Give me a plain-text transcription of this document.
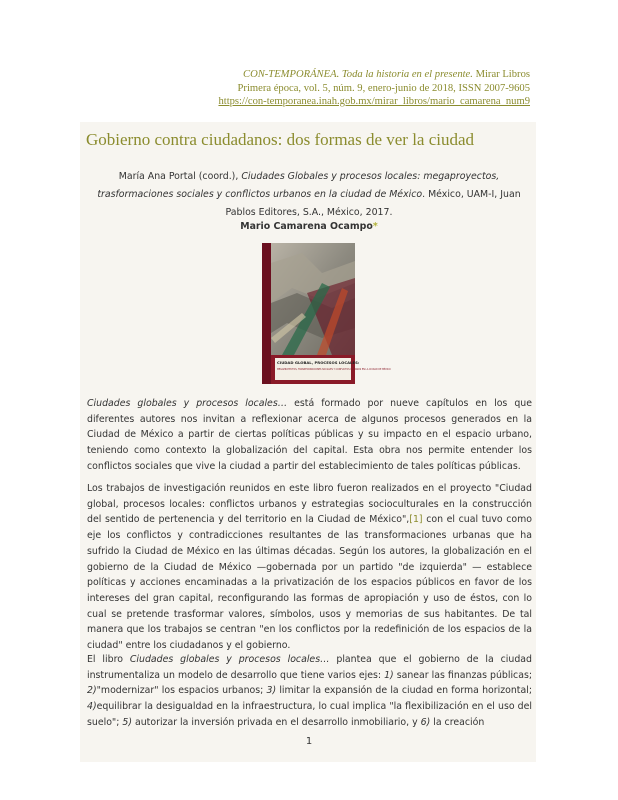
CON-TEMPORÁNEA. Toda la historia en el presente. Mirar Libros
Primera época, vol. 5, núm. 9, enero-junio de 2018, ISSN 2007-9605
https://con-temporanea.inah.gob.mx/mirar_libros/mario_camarena_num9
Gobierno contra ciudadanos: dos formas de ver la ciudad
María Ana Portal (coord.), Ciudades Globales y procesos locales: megaproyectos, trasformaciones sociales y conflictos urbanos en la ciudad de México. México, UAM-I, Juan Pablos Editores, S.A., México, 2017.
Mario Camarena Ocampo*
CIUDAD GLOBAL, PROCESOS LOCALES:
MEGAPROYECTOS, TRANSFORMACIONES SOCIALES Y CONFLICTOS URBANOS EN LA CIUDAD DE MÉXICO

Ciudades globales y procesos locales… está formado por nueve capítulos en los que diferentes autores nos invitan a reflexionar acerca de algunos procesos generados en la Ciudad de México a partir de ciertas políticas públicas y su impacto en el espacio urbano, teniendo como contexto la globalización del capital. Esta obra nos permite entender los conflictos sociales que vive la ciudad a partir del establecimiento de tales políticas públicas.

Los trabajos de investigación reunidos en este libro fueron realizados en el proyecto "Ciudad global, procesos locales: conflictos urbanos y estrategias socioculturales en la construcción del sentido de pertenencia y del territorio en la Ciudad de México",[1] con el cual tuvo como eje los conflictos y contradicciones resultantes de las transformaciones urbanas que ha sufrido la Ciudad de México en las últimas décadas. Según los autores, la globalización en el gobierno de la Ciudad de México —gobernada por un partido "de izquierda" — establece políticas y acciones encaminadas a la privatización de los espacios públicos en favor de los intereses del gran capital, reconfigurando las formas de apropiación y uso de éstos, con lo cual se pretende trasformar valores, símbolos, usos y memorias de sus habitantes. De tal manera que los trabajos se centran "en los conflictos por la redefinición de los espacios de la ciudad" entre los ciudadanos y el gobierno.

El libro Ciudades globales y procesos locales… plantea que el gobierno de la ciudad instrumentaliza un modelo de desarrollo que tiene varios ejes: 1) sanear las finanzas públicas; 2)"modernizar" los espacios urbanos; 3) limitar la expansión de la ciudad en forma horizontal; 4)equilibrar la desigualdad en la infraestructura, lo cual implica "la flexibilización en el uso del suelo"; 5) autorizar la inversión privada en el desarrollo inmobiliario, y 6) la creación

1
